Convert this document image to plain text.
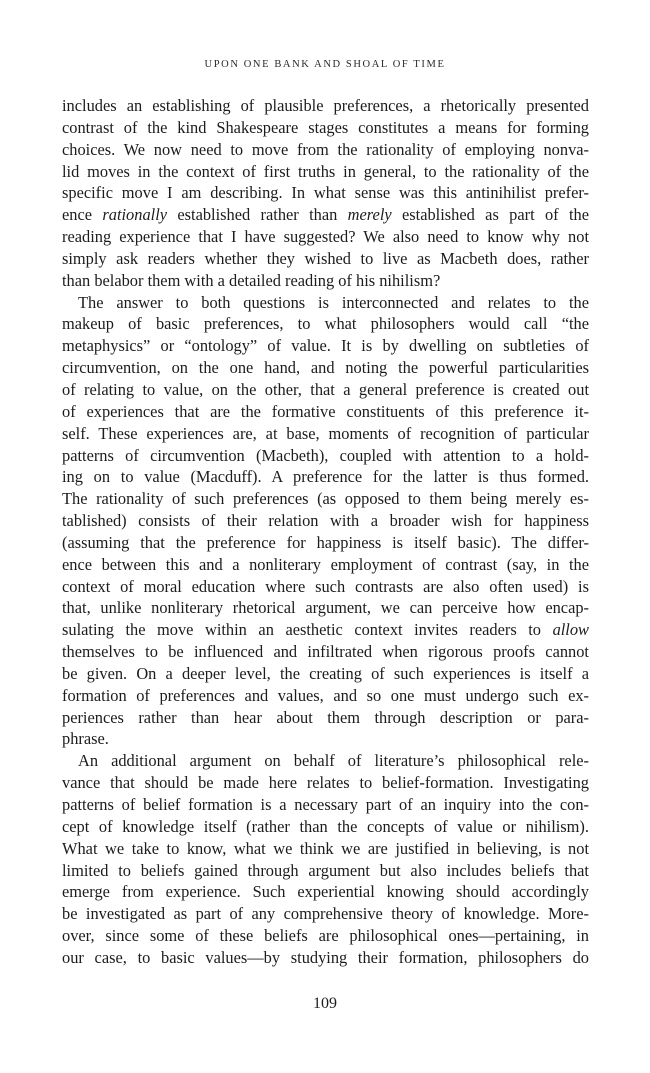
UPON ONE BANK AND SHOAL OF TIME
includes an establishing of plausible preferences, a rhetorically presented
contrast of the kind Shakespeare stages constitutes a means for forming
choices. We now need to move from the rationality of employing nonva-
lid moves in the context of first truths in general, to the rationality of the
specific move I am describing. In what sense was this antinihilist prefer-
ence rationally established rather than merely established as part of the
reading experience that I have suggested? We also need to know why not
simply ask readers whether they wished to live as Macbeth does, rather
than belabor them with a detailed reading of his nihilism?
The answer to both questions is interconnected and relates to the
makeup of basic preferences, to what philosophers would call “the
metaphysics” or “ontology” of value. It is by dwelling on subtleties of
circumvention, on the one hand, and noting the powerful particularities
of relating to value, on the other, that a general preference is created out
of experiences that are the formative constituents of this preference it-
self. These experiences are, at base, moments of recognition of particular
patterns of circumvention (Macbeth), coupled with attention to a hold-
ing on to value (Macduff). A preference for the latter is thus formed.
The rationality of such preferences (as opposed to them being merely es-
tablished) consists of their relation with a broader wish for happiness
(assuming that the preference for happiness is itself basic). The differ-
ence between this and a nonliterary employment of contrast (say, in the
context of moral education where such contrasts are also often used) is
that, unlike nonliterary rhetorical argument, we can perceive how encap-
sulating the move within an aesthetic context invites readers to allow
themselves to be influenced and infiltrated when rigorous proofs cannot
be given. On a deeper level, the creating of such experiences is itself a
formation of preferences and values, and so one must undergo such ex-
periences rather than hear about them through description or para-
phrase.
An additional argument on behalf of literature’s philosophical rele-
vance that should be made here relates to belief-formation. Investigating
patterns of belief formation is a necessary part of an inquiry into the con-
cept of knowledge itself (rather than the concepts of value or nihilism).
What we take to know, what we think we are justified in believing, is not
limited to beliefs gained through argument but also includes beliefs that
emerge from experience. Such experiential knowing should accordingly
be investigated as part of any comprehensive theory of knowledge. More-
over, since some of these beliefs are philosophical ones—pertaining, in
our case, to basic values—by studying their formation, philosophers do
109
